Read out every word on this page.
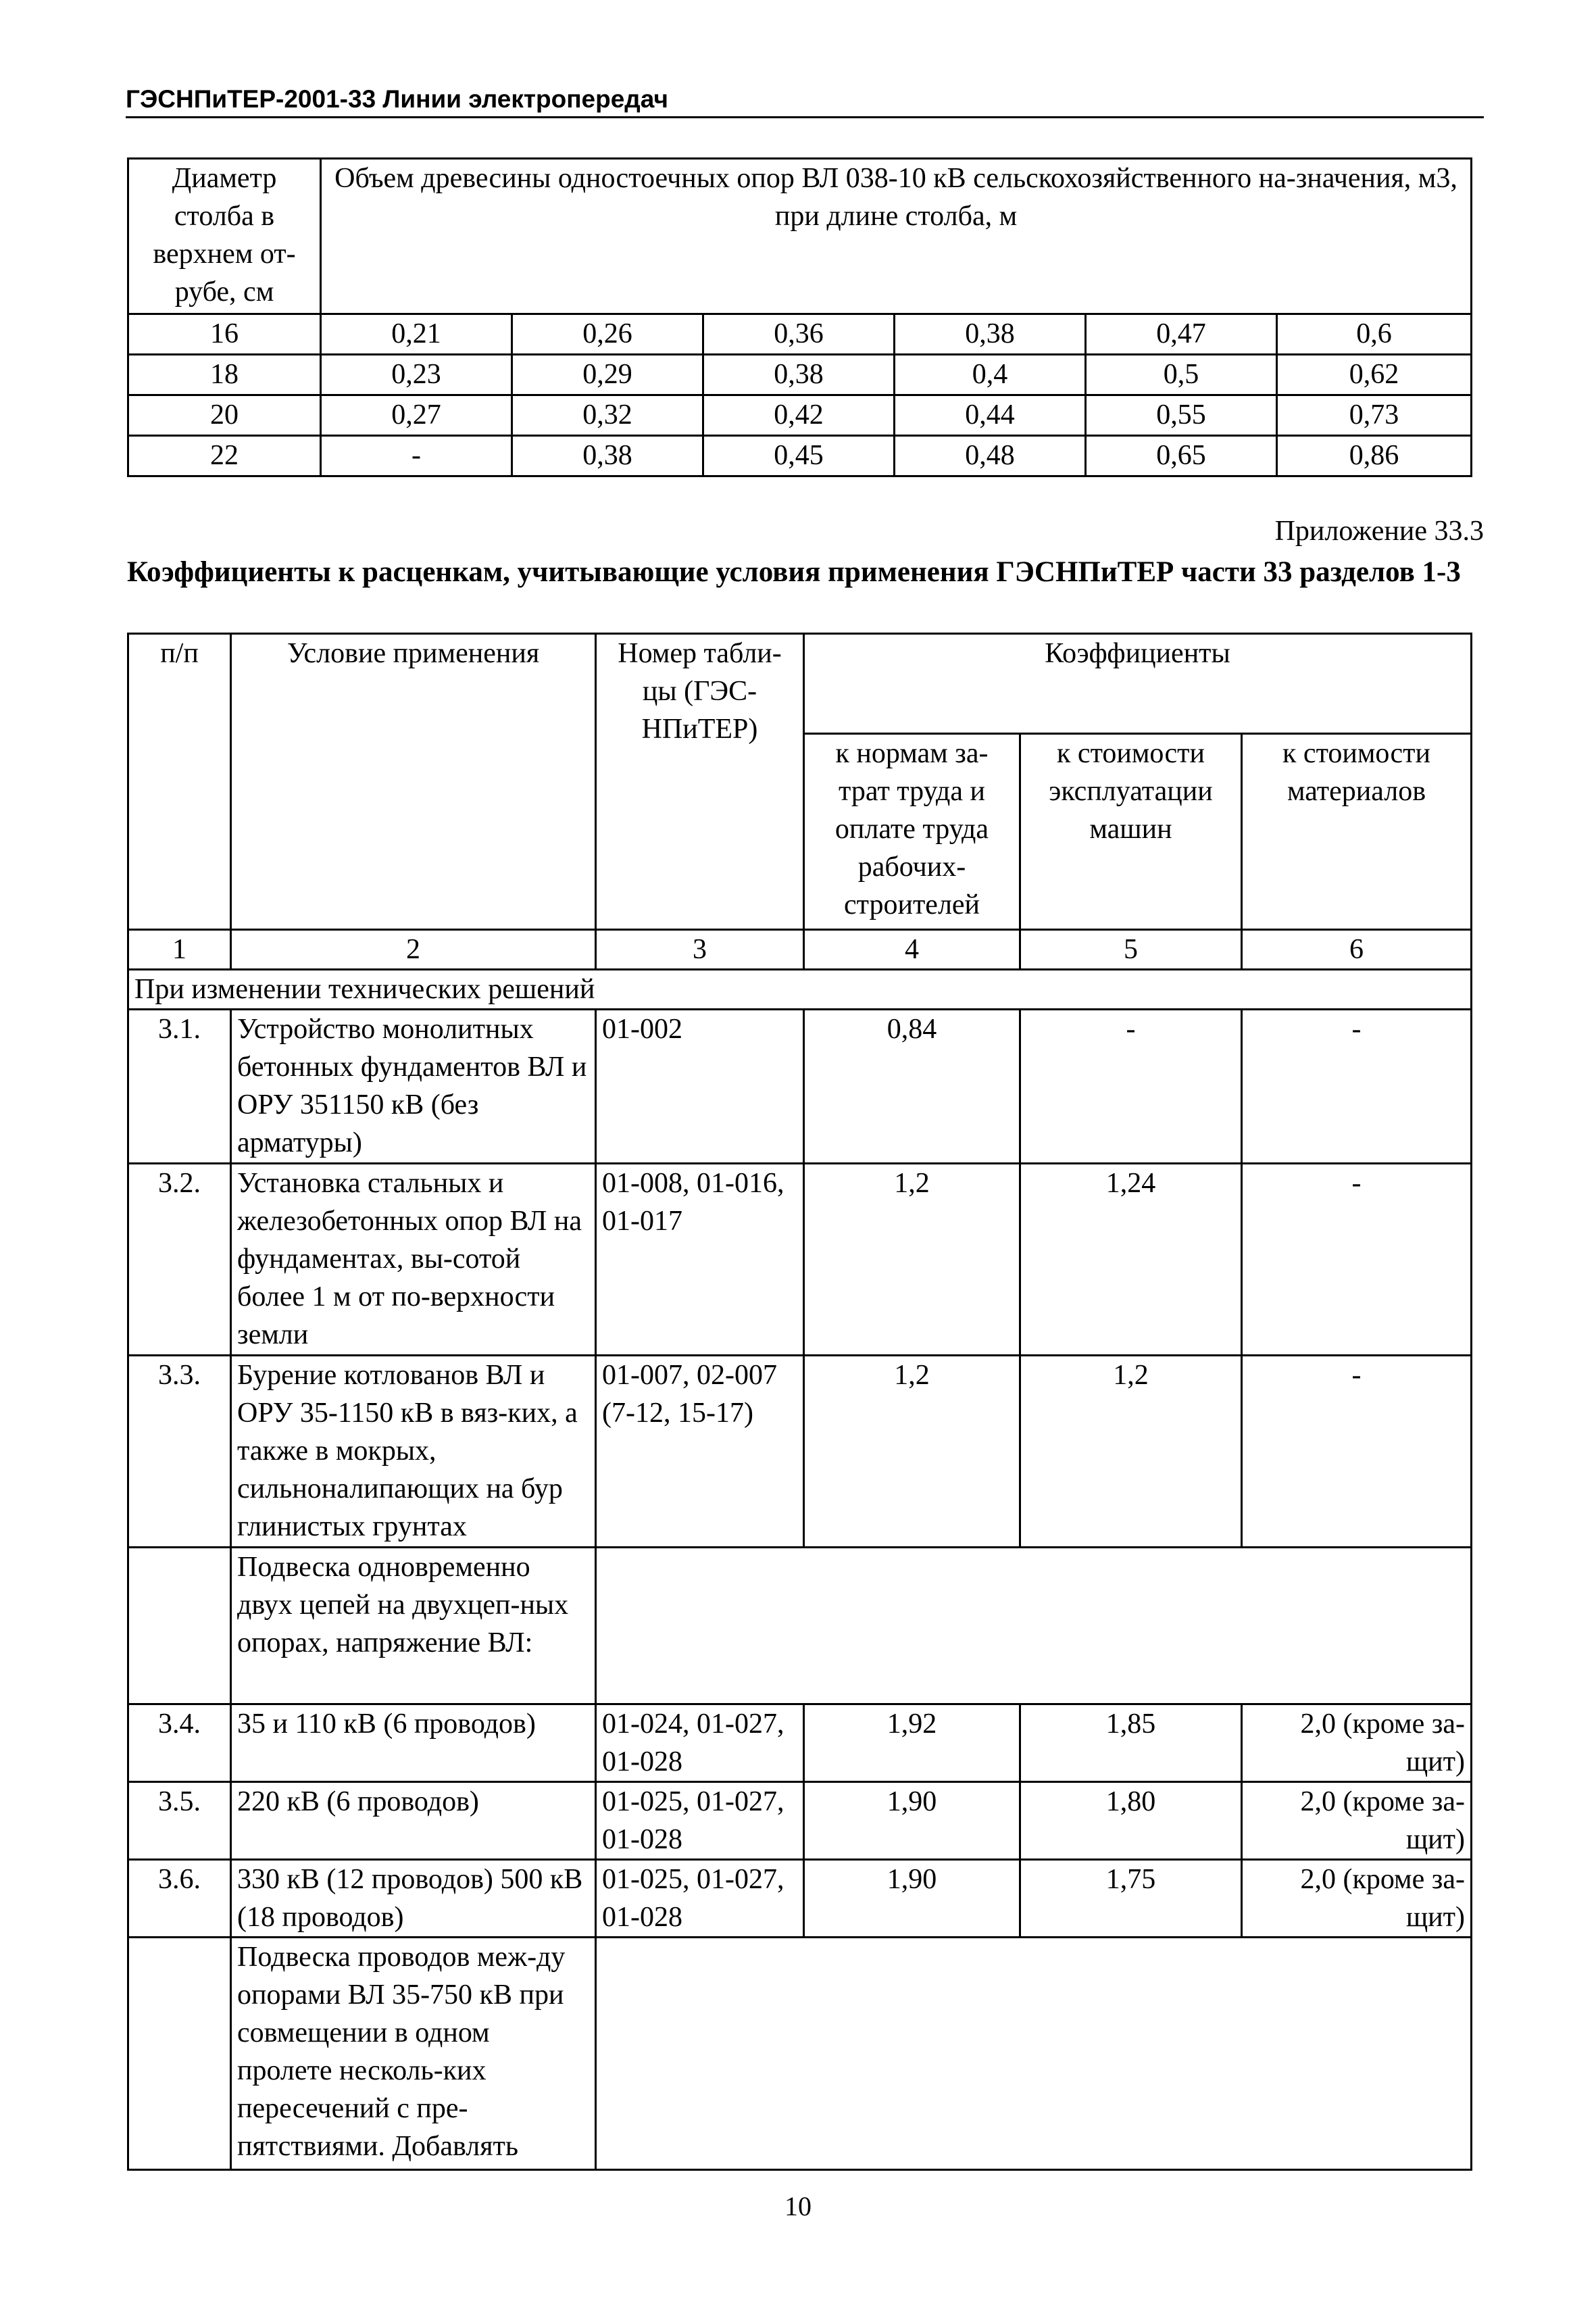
ГЭСНПиТЕР-2001-33 Линии электропередач
Диаметр столба в верхнем от-рубе, см	Объем древесины одностоечных опор ВЛ 038-10 кВ сельскохозяйственного на-значения, м3, при длине столба, м					
16	0,21	0,26	0,36	0,38	0,47	0,6
18	0,23	0,29	0,38	0,4	0,5	0,62
20	0,27	0,32	0,42	0,44	0,55	0,73
22	-	0,38	0,45	0,48	0,65	0,86
Приложение 33.3
Коэффициенты к расценкам, учитывающие условия применения ГЭСНПиТЕР части 33 разделов 1-3
п/п	Условие применения	Номер табли-цы (ГЭС-НПиТЕР)	Коэффициенты		
			к нормам за-трат труда и оплате труда рабочих-строителей	к стоимости эксплуатации машин	к стоимости материалов
1	2	3	4	5	6
При изменении технических решений					
3.1.	Устройство монолитных бетонных фундаментов ВЛ и ОРУ 351150 кВ (без арматуры)	01-002	0,84	-	-
3.2.	Установка стальных и железобетонных опор ВЛ на фундаментах, вы-сотой более 1 м от по-верхности земли	01-008, 01-016, 01-017	1,2	1,24	-
3.3.	Бурение котлованов ВЛ и ОРУ 35-1150 кВ в вяз-ких, а также в мокрых, сильноналипающих на бур глинистых грунтах	01-007, 02-007 (7-12, 15-17)	1,2	1,2	-
	Подвеска одновременно двух цепей на двухцеп-ных опорах, напряжение ВЛ:				
3.4.	35 и 110 кВ (6 проводов)	01-024, 01-027, 01-028	1,92	1,85	2,0 (кроме за-щит)
3.5.	220 кВ (6 проводов)	01-025, 01-027, 01-028	1,90	1,80	2,0 (кроме за-щит)
3.6.	330 кВ (12 проводов) 500 кВ (18 проводов)	01-025, 01-027, 01-028	1,90	1,75	2,0 (кроме за-щит)
	Подвеска проводов меж-ду опорами ВЛ 35-750 кВ при совмещении в одном пролете несколь-ких пересечений с пре-пятствиями. Добавлять				
10
